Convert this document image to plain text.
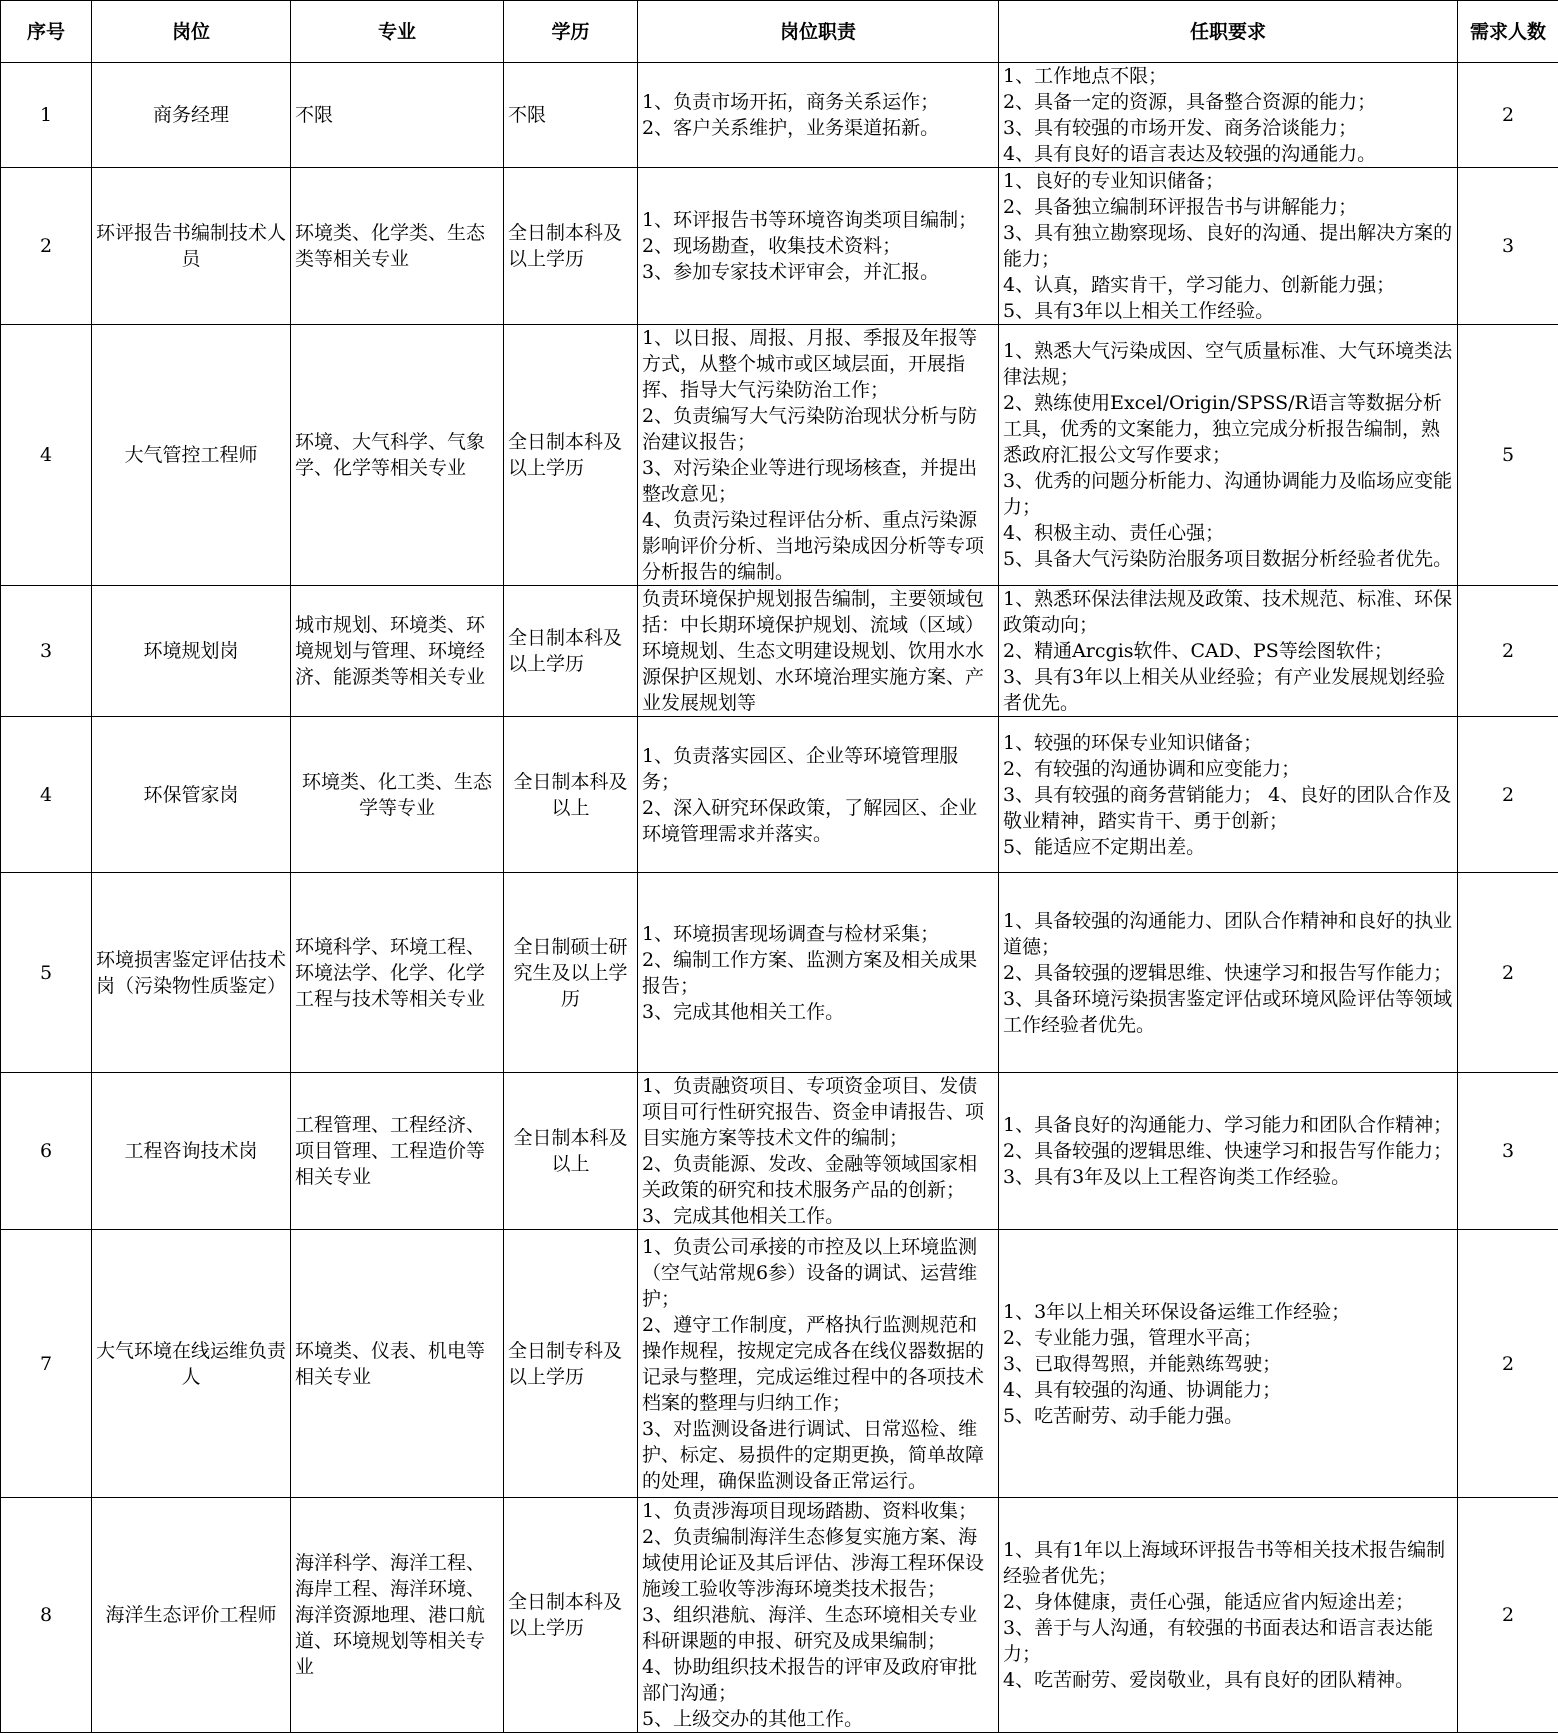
序号	岗位	专业	学历	岗位职责	任职要求	需求人数
1	商务经理	不限	不限	1、负责市场开拓，商务关系运作；
2、客户关系维护，业务渠道拓新。	1、工作地点不限；
2、具备一定的资源，具备整合资源的能力；
3、具有较强的市场开发、商务洽谈能力；
4、具有良好的语言表达及较强的沟通能力。	2
2	环评报告书编制技术人员	环境类、化学类、生态类等相关专业	全日制本科及以上学历	1、环评报告书等环境咨询类项目编制；
2、现场勘查，收集技术资料；
3、参加专家技术评审会，并汇报。	1、良好的专业知识储备；
2、具备独立编制环评报告书与讲解能力；
3、具有独立勘察现场、良好的沟通、提出解决方案的能力；
4、认真，踏实肯干，学习能力、创新能力强；
5、具有3年以上相关工作经验。	3
4	大气管控工程师	环境、大气科学、气象学、化学等相关专业	全日制本科及以上学历	1、以日报、周报、月报、季报及年报等方式，从整个城市或区域层面，开展指挥、指导大气污染防治工作；
2、负责编写大气污染防治现状分析与防治建议报告；
3、对污染企业等进行现场核查，并提出整改意见；
4、负责污染过程评估分析、重点污染源影响评价分析、当地污染成因分析等专项分析报告的编制。	1、熟悉大气污染成因、空气质量标准、大气环境类法律法规；
2、熟练使用Excel/Origin/SPSS/R语言等数据分析工具，优秀的文案能力，独立完成分析报告编制，熟悉政府汇报公文写作要求；
3、优秀的问题分析能力、沟通协调能力及临场应变能力；
4、积极主动、责任心强；
5、具备大气污染防治服务项目数据分析经验者优先。	5
3	环境规划岗	城市规划、环境类、环境规划与管理、环境经济、能源类等相关专业	全日制本科及以上学历	负责环境保护规划报告编制，主要领域包括：中长期环境保护规划、流域（区域）环境规划、生态文明建设规划、饮用水水源保护区规划、水环境治理实施方案、产业发展规划等	1、熟悉环保法律法规及政策、技术规范、标准、环保政策动向；
2、精通Arcgis软件、CAD、PS等绘图软件；
3、具有3年以上相关从业经验；有产业发展规划经验者优先。	2
4	环保管家岗	环境类、化工类、生态学等专业	全日制本科及以上	1、负责落实园区、企业等环境管理服务；
2、深入研究环保政策，了解园区、企业环境管理需求并落实。	1、较强的环保专业知识储备；
2、有较强的沟通协调和应变能力；
3、具有较强的商务营销能力； 4、良好的团队合作及敬业精神，踏实肯干、勇于创新；
5、能适应不定期出差。	2
5	环境损害鉴定评估技术岗（污染物性质鉴定）	环境科学、环境工程、环境法学、化学、化学工程与技术等相关专业	全日制硕士研究生及以上学历	1、环境损害现场调查与检材采集；
2、编制工作方案、监测方案及相关成果报告；
3、完成其他相关工作。	1、具备较强的沟通能力、团队合作精神和良好的执业道德；
2、具备较强的逻辑思维、快速学习和报告写作能力；
3、具备环境污染损害鉴定评估或环境风险评估等领域工作经验者优先。	2
6	工程咨询技术岗	工程管理、工程经济、项目管理、工程造价等相关专业	全日制本科及以上	1、负责融资项目、专项资金项目、发债项目可行性研究报告、资金申请报告、项目实施方案等技术文件的编制；
2、负责能源、发改、金融等领域国家相关政策的研究和技术服务产品的创新；
3、完成其他相关工作。	1、具备良好的沟通能力、学习能力和团队合作精神；
2、具备较强的逻辑思维、快速学习和报告写作能力；
3、具有3年及以上工程咨询类工作经验。	3
7	大气环境在线运维负责人	环境类、仪表、机电等相关专业	全日制专科及以上学历	1、负责公司承接的市控及以上环境监测（空气站常规6参）设备的调试、运营维护；
2、遵守工作制度，严格执行监测规范和操作规程，按规定完成各在线仪器数据的记录与整理，完成运维过程中的各项技术档案的整理与归纳工作；
3、对监测设备进行调试、日常巡检、维护、标定、易损件的定期更换，简单故障的处理，确保监测设备正常运行。	1、3年以上相关环保设备运维工作经验；
2、专业能力强，管理水平高；
3、已取得驾照，并能熟练驾驶；
4、具有较强的沟通、协调能力；
5、吃苦耐劳、动手能力强。	2
8	海洋生态评价工程师	海洋科学、海洋工程、海岸工程、海洋环境、海洋资源地理、港口航道、环境规划等相关专业	全日制本科及以上学历	1、负责涉海项目现场踏勘、资料收集；
2、负责编制海洋生态修复实施方案、海域使用论证及其后评估、涉海工程环保设施竣工验收等涉海环境类技术报告；
3、组织港航、海洋、生态环境相关专业科研课题的申报、研究及成果编制；
4、协助组织技术报告的评审及政府审批部门沟通；
5、上级交办的其他工作。	1、具有1年以上海域环评报告书等相关技术报告编制经验者优先；
2、身体健康，责任心强，能适应省内短途出差；
3、善于与人沟通，有较强的书面表达和语言表达能力；
4、吃苦耐劳、爱岗敬业，具有良好的团队精神。	2
